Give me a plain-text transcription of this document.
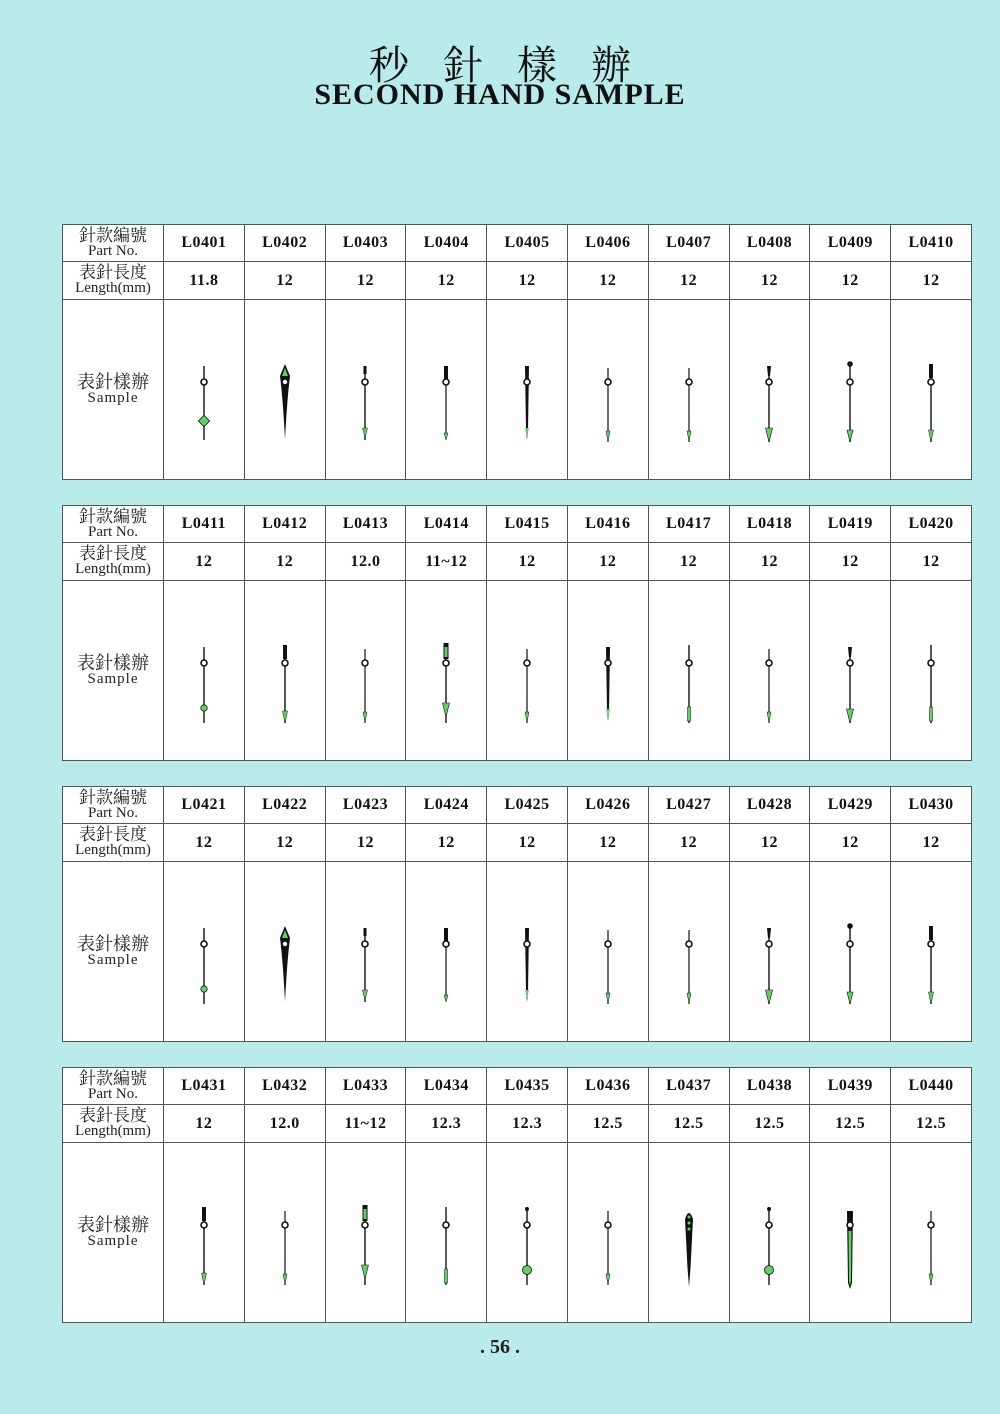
秒針樣辦
SECOND HAND SAMPLE
針款編號
Part No.	L0401	L0402	L0403	L0404	L0405	L0406	L0407	L0408	L0409	L0410

表針長度
Length(mm)	11.8	12	12	12	12	12	12	12	12	12

表針樣辦
Sample

針款編號
Part No.	L0411	L0412	L0413	L0414	L0415	L0416	L0417	L0418	L0419	L0420

表針長度
Length(mm)	12	12	12.0	11~12	12	12	12	12	12	12

表針樣辦
Sample

針款編號
Part No.	L0421	L0422	L0423	L0424	L0425	L0426	L0427	L0428	L0429	L0430

表針長度
Length(mm)	12	12	12	12	12	12	12	12	12	12

表針樣辦
Sample

針款編號
Part No.	L0431	L0432	L0433	L0434	L0435	L0436	L0437	L0438	L0439	L0440

表針長度
Length(mm)	12	12.0	11~12	12.3	12.3	12.5	12.5	12.5	12.5	12.5

表針樣辦
Sample

. 56 .
